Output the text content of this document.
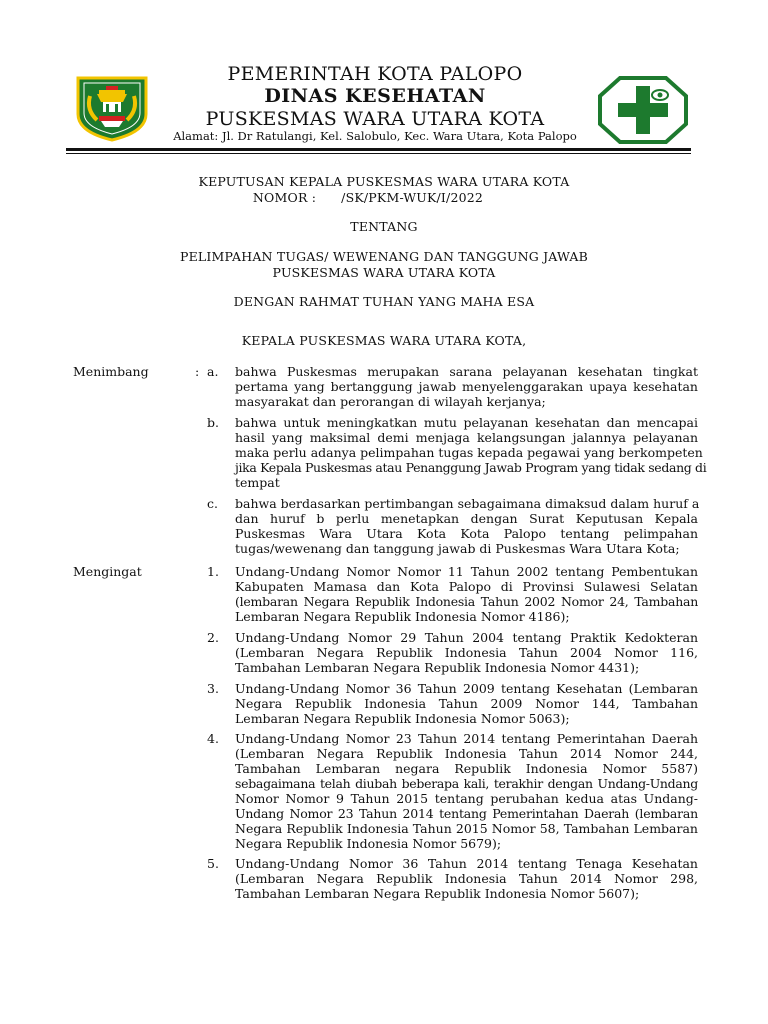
PEMERINTAH KOTA PALOPO
DINAS KESEHATAN
PUSKESMAS WARA UTARA KOTA
Alamat: Jl. Dr Ratulangi, Kel. Salobulo, Kec. Wara Utara, Kota Palopo
KEPUTUSAN KEPALA PUSKESMAS WARA UTARA KOTA
NOMOR :      /SK/PKM-WUK/I/2022
TENTANG
PELIMPAHAN TUGAS/ WEWENANG DAN TANGGUNG JAWAB
PUSKESMAS WARA UTARA KOTA
DENGAN RAHMAT TUHAN YANG MAHA ESA
KEPALA PUSKESMAS WARA UTARA KOTA,
Menimbang	: a. bahwa Puskesmas merupakan sarana pelayanan kesehatan tingkat
pertama yang bertanggung jawab menyelenggarakan upaya kesehatan
masyarakat dan perorangan di wilayah kerjanya;
b. bahwa untuk meningkatkan mutu pelayanan kesehatan dan mencapai
hasil yang maksimal demi menjaga kelangsungan jalannya pelayanan
maka perlu adanya pelimpahan tugas kepada pegawai yang berkompeten
jika Kepala Puskesmas atau Penanggung Jawab Program yang tidak sedang di
tempat
c. bahwa berdasarkan pertimbangan sebagaimana dimaksud dalam huruf a
dan huruf b perlu menetapkan dengan Surat Keputusan Kepala
Puskesmas Wara Utara Kota Kota Palopo tentang pelimpahan
tugas/wewenang dan tanggung jawab di Puskesmas Wara Utara Kota;
Mengingat	1. Undang-Undang Nomor Nomor 11 Tahun 2002 tentang Pembentukan
Kabupaten Mamasa dan Kota Palopo di Provinsi Sulawesi Selatan
(lembaran Negara Republik Indonesia Tahun 2002 Nomor 24, Tambahan
Lembaran Negara Republik Indonesia Nomor 4186);
2. Undang-Undang Nomor 29 Tahun 2004 tentang Praktik Kedokteran
(Lembaran Negara Republik Indonesia Tahun 2004 Nomor 116,
Tambahan Lembaran Negara Republik Indonesia Nomor 4431);
3. Undang-Undang Nomor 36 Tahun 2009 tentang Kesehatan (Lembaran
Negara Republik Indonesia Tahun 2009 Nomor 144, Tambahan
Lembaran Negara Republik Indonesia Nomor 5063);
4. Undang-Undang Nomor 23 Tahun 2014 tentang Pemerintahan Daerah
(Lembaran Negara Republik Indonesia Tahun 2014 Nomor 244,
Tambahan Lembaran negara Republik Indonesia Nomor 5587)
sebagaimana telah diubah beberapa kali, terakhir dengan Undang-Undang
Nomor Nomor 9 Tahun 2015 tentang perubahan kedua atas Undang-
Undang Nomor 23 Tahun 2014 tentang Pemerintahan Daerah (lembaran
Negara Republik Indonesia Tahun 2015 Nomor 58, Tambahan Lembaran
Negara Republik Indonesia Nomor 5679);
5. Undang-Undang Nomor 36 Tahun 2014 tentang Tenaga Kesehatan
(Lembaran Negara Republik Indonesia Tahun 2014 Nomor 298,
Tambahan Lembaran Negara Republik Indonesia Nomor 5607);
